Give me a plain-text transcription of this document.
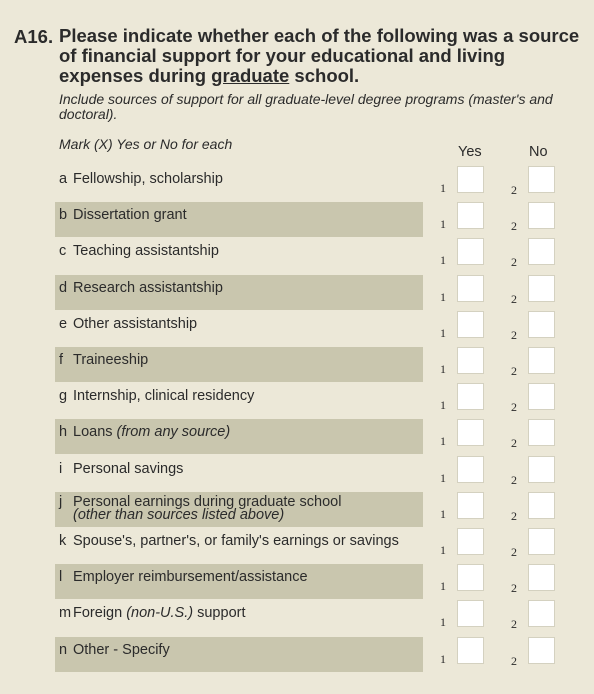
A16. Please indicate whether each of the following was a source of financial support for your educational and living expenses during graduate school.
Include sources of support for all graduate-level degree programs (master's and doctoral).
Mark (X) Yes or No for each	Yes	No
a Fellowship, scholarship
1	2
b Dissertation grant
1	2
c Teaching assistantship
1	2
d Research assistantship
1	2
e Other assistantship
1	2
f Traineeship
1	2
g Internship, clinical residency
1	2
h Loans (from any source)
1	2
i Personal savings
1	2
j Personal earnings during graduate school
(other than sources listed above)	1	2
k Spouse's, partner's, or family's earnings or savings
1	2
l Employer reimbursement/assistance
1	2
m Foreign (non-U.S.) support
1	2
n Other - Specify
1	2
